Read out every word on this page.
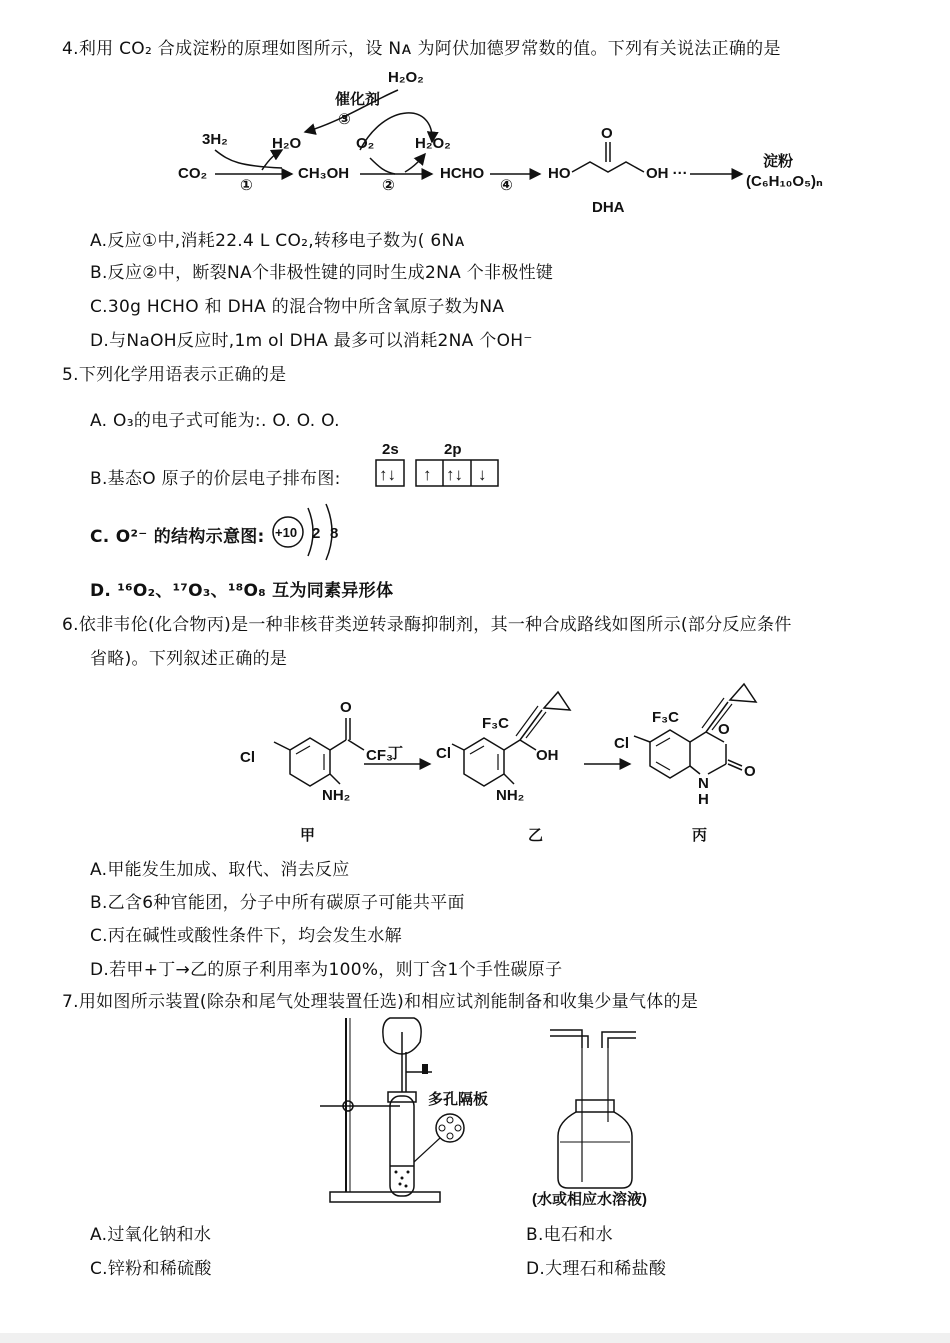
4.利用 CO₂ 合成淀粉的原理如图所示，设 Nᴀ 为阿伏加德罗常数的值。下列有关说法正确的是
H₂O₂
催化剂
③
H₂O	O₂	H₂O₂
3H₂
CO₂
①
CH₃OH
②
HCHO
④
HO
O
OH ···
DHA
淀粉
(C₆H₁₀O₅)ₙ
A.反应①中,消耗22.4 L CO₂,转移电子数为( 6Nᴀ
B.反应②中，断裂NA个非极性键的同时生成2NA 个非极性键
C.30g HCHO 和 DHA 的混合物中所含氧原子数为NA
D.与NaOH反应时,1m ol DHA 最多可以消耗2NA 个OH⁻
5.下列化学用语表示正确的是
A. O₃的电子式可能为:. O. O. O.
B.基态O 原子的价层电子排布图:
2s	2p
↑↓ ↑ ↑↓ ↓
C. O²⁻ 的结构示意图: +10 2 8
D. ¹⁶O₂、¹⁷O₃、¹⁸O₈ 互为同素异形体
6.依非韦伦(化合物丙)是一种非核苷类逆转录酶抑制剂，其一种合成路线如图所示(部分反应条件
省略)。下列叙述正确的是
Cl
O
CF₃
NH₂
甲
丁 Cl
F₃C
OH
NH₂
乙
Cl
F₃C
O
O
N
H
丙
A.甲能发生加成、取代、消去反应
B.乙含6种官能团，分子中所有碳原子可能共平面
C.丙在碱性或酸性条件下，均会发生水解
D.若甲+丁→乙的原子利用率为100%，则丁含1个手性碳原子
7.用如图所示装置(除杂和尾气处理装置任选)和相应试剂能制备和收集少量气体的是
多孔隔板
(水或相应水溶液)
A.过氧化钠和水	B.电石和水
C.锌粉和稀硫酸	D.大理石和稀盐酸
